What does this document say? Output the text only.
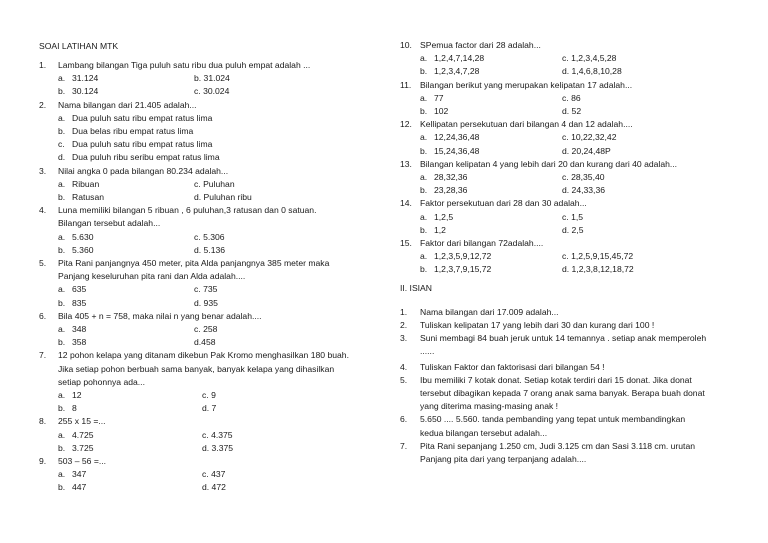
SOAI LATIHAN MTK
1.	Lambang bilangan Tiga puluh satu ribu dua puluh empat adalah ...
a. 31.124	b. 31.024
b. 30.124	c. 30.024
2.	Nama bilangan dari 21.405 adalah...
a. Dua puluh satu ribu empat ratus lima
b. Dua belas ribu empat ratus lima
c. Dua puluh satu ribu empat ratus lima
d. Dua puluh ribu seribu empat ratus lima
3.	Nilai angka 0 pada bilangan 80.234 adalah...
a. Ribuan	c. Puluhan
b. Ratusan	d. Puluhan ribu
4.	Luna memiliki bilangan 5 ribuan , 6 puluhan,3 ratusan dan 0 satuan.
Bilangan tersebut adalah...
a. 5.630	c. 5.306
b. 5.360	d. 5.136
5.	Pita Rani panjangnya 450 meter, pita Alda panjangnya 385 meter maka
Panjang keseluruhan pita rani dan Alda adalah....
a. 635	c. 735
b. 835	d. 935
6.	Bila 405 + n = 758, maka nilai n yang benar adalah....
a. 348	c. 258
b. 358	d.458
7.	12 pohon kelapa yang ditanam dikebun Pak Kromo menghasilkan 180 buah.
Jika setiap pohon berbuah sama banyak, banyak kelapa yang dihasilkan
setiap pohonnya ada...
a. 12	c. 9
b. 8	d. 7
8.	255 x 15 =...
a. 4.725	c. 4.375
b. 3.725	d. 3.375
9.	503 – 56 =...
a. 347	c. 437
b. 447	d. 472
10. SPemua factor dari 28 adalah...
a. 1,2,4,7,14,28	c. 1,2,3,4,5,28
b. 1,2,3,4,7,28	d. 1,4,6,8,10,28
11.	Bilangan berikut yang merupakan kelipatan 17 adalah...
a. 77	c. 86
b. 102	d. 52
12. Kellipatan persekutuan dari bilangan 4 dan 12 adalah....
a. 12,24,36,48	c. 10,22,32,42
b. 15,24,36,48	d. 20,24,48P
13. Bilangan kelipatan 4 yang lebih dari 20 dan kurang dari 40 adalah...
a. 28,32,36	c. 28,35,40
b. 23,28,36	d. 24,33,36
14. Faktor persekutuan dari 28 dan 30 adalah...
a. 1,2,5	c. 1,5
b. 1,2	d. 2,5
15. Faktor dari bilangan 72adalah....
a. 1,2,3,5,9,12,72	c. 1,2,5,9,15,45,72
b. 1,2,3,7,9,15,72	d. 1,2,3,8,12,18,72
II. ISIAN
1.	Nama bilangan dari 17.009 adalah...
2.	Tuliskan kelipatan 17 yang lebih dari 30 dan kurang dari 100 !
3.	Suni membagi 84 buah jeruk untuk 14 temannya . setiap anak memperoleh
......
4.	Tuliskan Faktor dan faktorisasi dari bilangan 54 !
5.	Ibu memiliki 7 kotak donat. Setiap kotak terdiri dari 15 donat. Jika donat
tersebut dibagikan kepada 7 orang anak sama banyak. Berapa buah donat
yang diterima masing-masing anak !
6.	5.650 .... 5.560. tanda pembanding yang tepat untuk membandingkan
kedua bilangan tersebut adalah...
7.	Pita Rani sepanjang 1.250 cm, Judi 3.125 cm dan Sasi 3.118 cm. urutan
Panjang pita dari yang terpanjang adalah....
